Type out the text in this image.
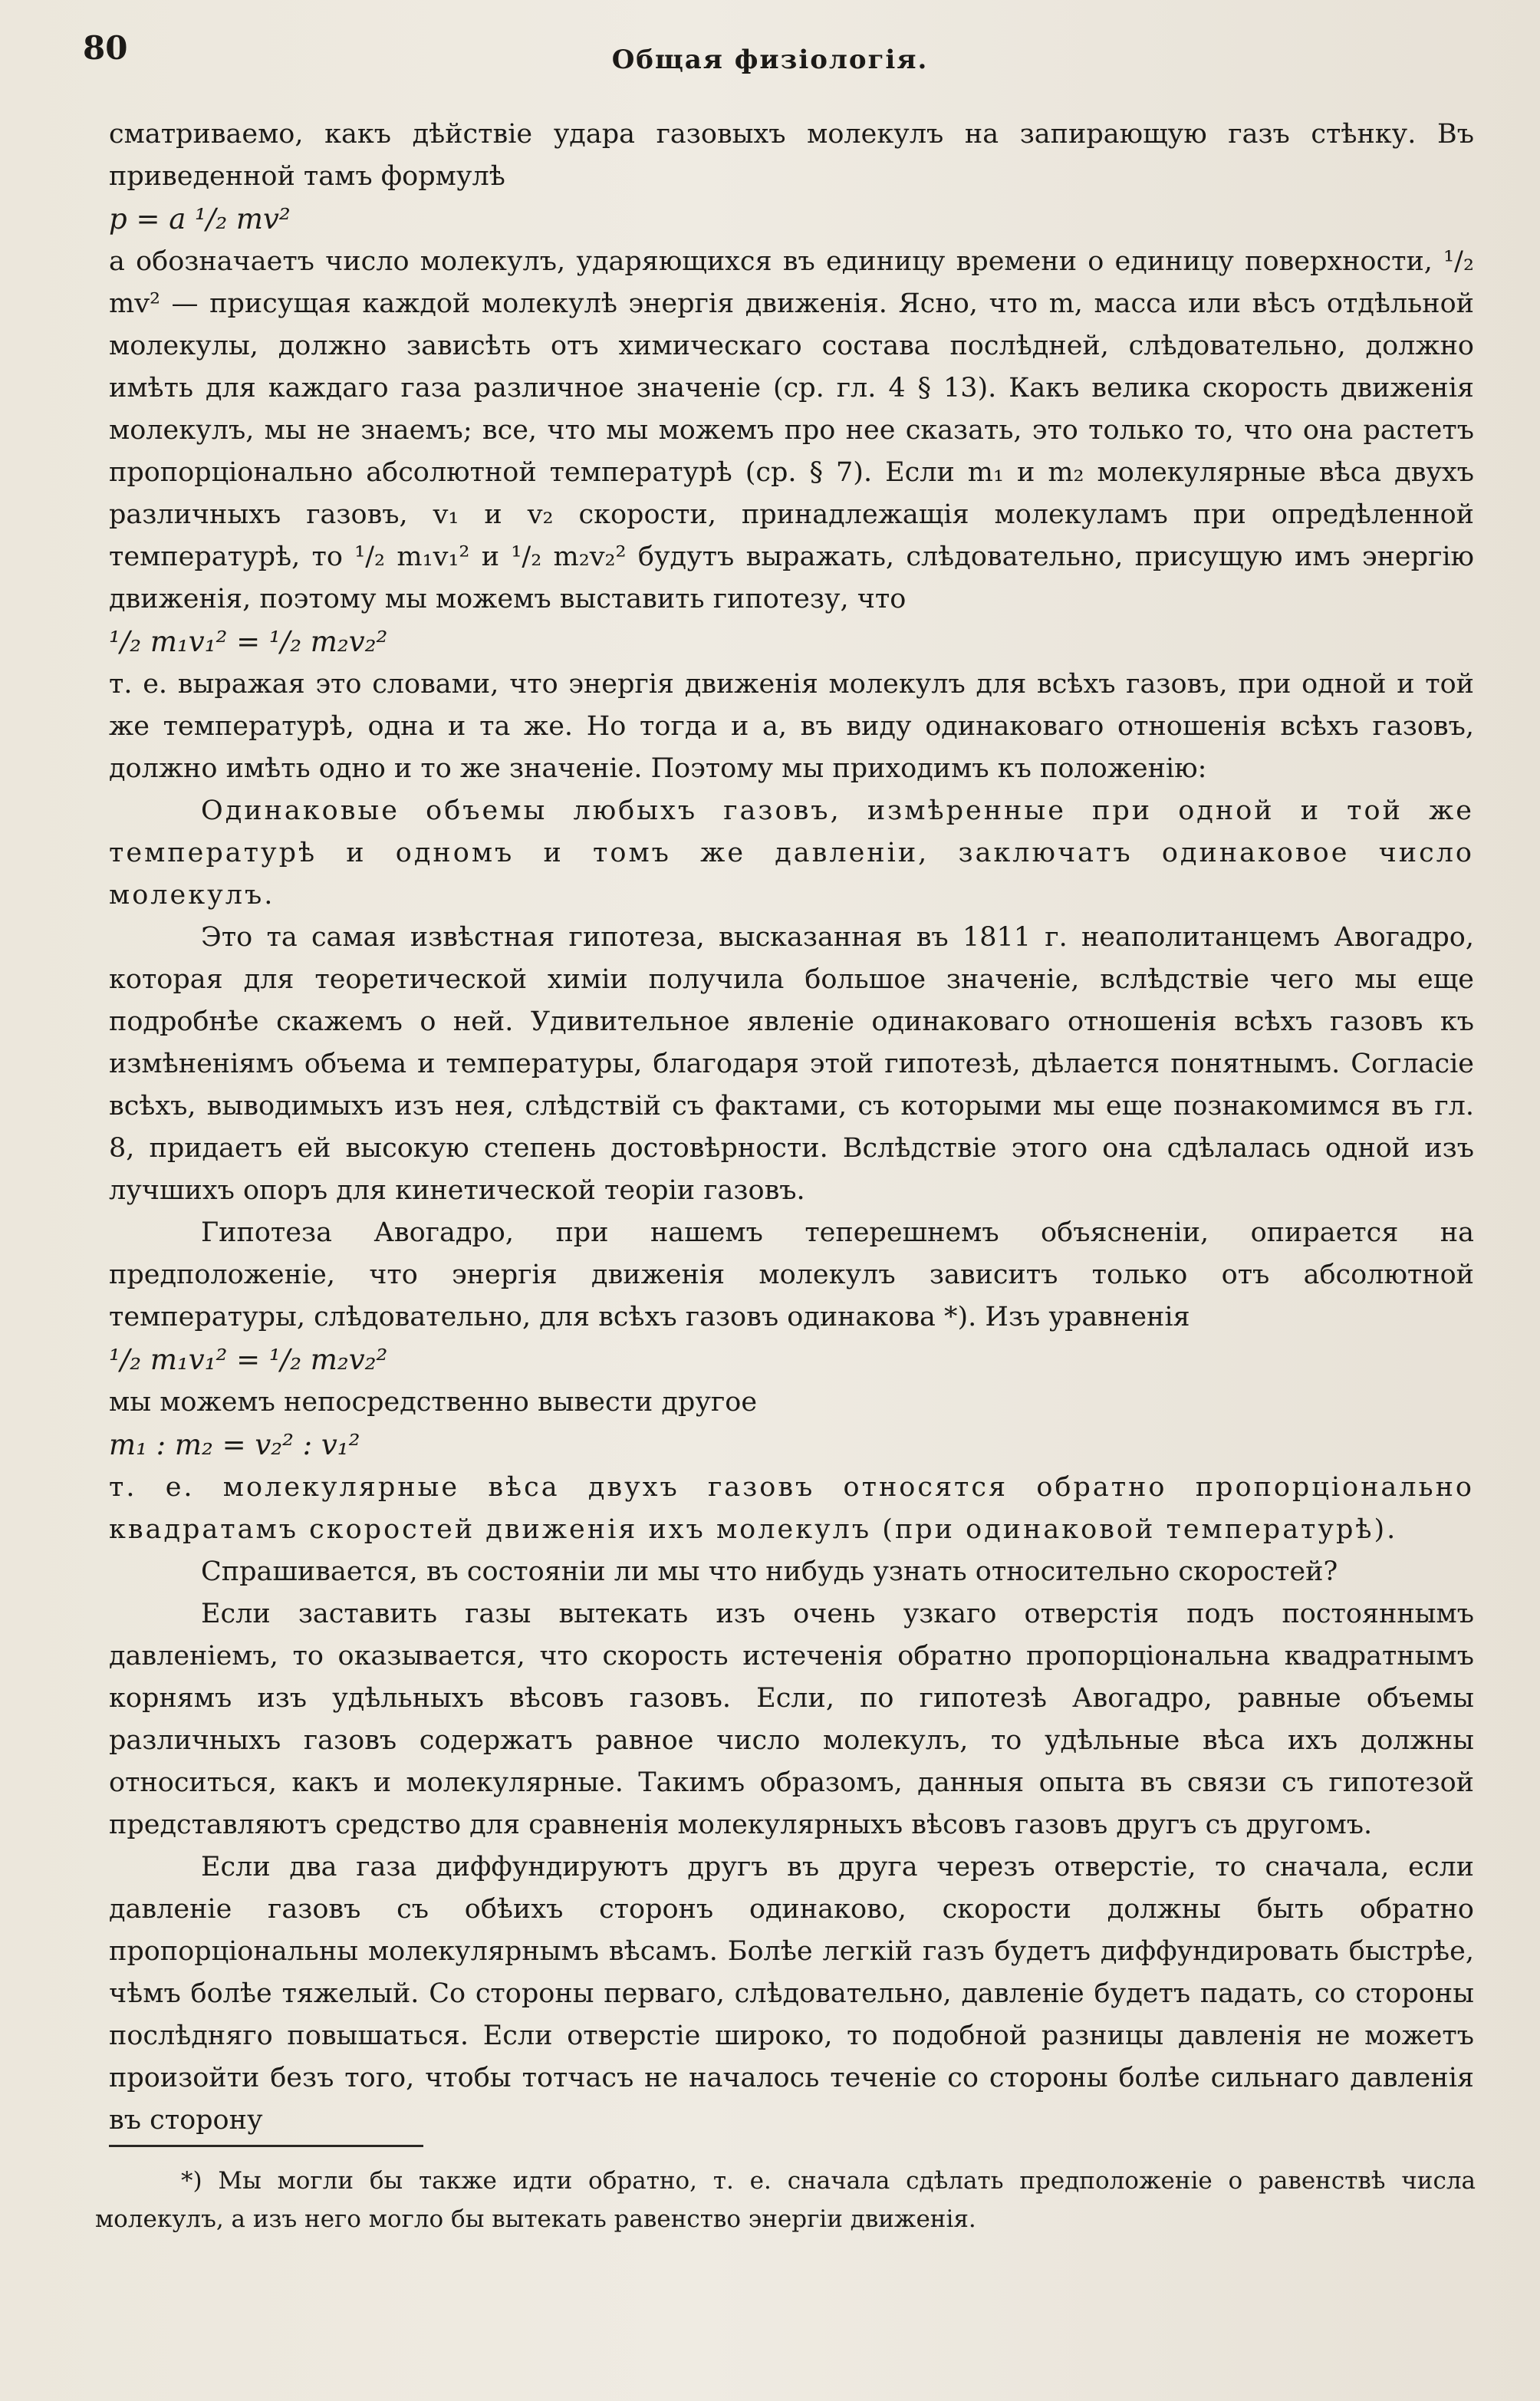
80	Общая физiологiя.

сматриваемо, какъ дѣйствiе удара газовыхъ молекулъ на запирающую газъ стѣнку. Въ приведенной тамъ формулѣ

p = a ¹/₂ mv²

a обозначаетъ число молекулъ, ударяющихся въ единицу времени о единицу поверхности, ¹/₂ mv² — присущая каждой молекулѣ энергiя движенiя. Ясно, что m, масса или вѣсъ отдѣльной молекулы, должно зависѣть отъ химическаго состава послѣдней, слѣдовательно, должно имѣть для каждаго газа различное значенiе (ср. гл. 4 § 13). Какъ велика скорость движенiя молекулъ, мы не знаемъ; все, что мы можемъ про нее сказать, это только то, что она растетъ пропорцiонально абсолютной температурѣ (ср. § 7). Если m₁ и m₂ молекулярные вѣса двухъ различныхъ газовъ, v₁ и v₂ скорости, принадлежащiя молекуламъ при опредѣленной температурѣ, то ¹/₂ m₁v₁² и ¹/₂ m₂v₂² будутъ выражать, слѣдовательно, присущую имъ энергiю движенiя, поэтому мы можемъ выставить гипотезу, что

¹/₂ m₁v₁² = ¹/₂ m₂v₂²

т. е. выражая это словами, что энергiя движенiя молекулъ для всѣхъ газовъ, при одной и той же температурѣ, одна и та же. Но тогда и a, въ виду одинаковаго отношенiя всѣхъ газовъ, должно имѣть одно и то же значенiе. Поэтому мы приходимъ къ положенiю:

Одинаковые объемы любыхъ газовъ, измѣренные при одной и той же температурѣ и одномъ и томъ же давленiи, заключатъ одинаковое число молекулъ.

Это та самая извѣстная гипотеза, высказанная въ 1811 г. неаполитанцемъ Авогадро, которая для теоретической химiи получила большое значенiе, вслѣдствiе чего мы еще подробнѣе скажемъ о ней. Удивительное явленiе одинаковаго отношенiя всѣхъ газовъ къ измѣненiямъ объема и температуры, благодаря этой гипотезѣ, дѣлается понятнымъ. Согласiе всѣхъ, выводимыхъ изъ нея, слѣдствiй съ фактами, съ которыми мы еще познакомимся въ гл. 8, придаетъ ей высокую степень достовѣрности. Вслѣдствiе этого она сдѣлалась одной изъ лучшихъ опоръ для кинетической теорiи газовъ.

Гипотеза Авогадро, при нашемъ теперешнемъ объясненiи, опирается на предположенiе, что энергiя движенiя молекулъ зависитъ только отъ абсолютной температуры, слѣдовательно, для всѣхъ газовъ одинакова *). Изъ уравненiя

¹/₂ m₁v₁² = ¹/₂ m₂v₂²

мы можемъ непосредственно вывести другое

m₁ : m₂ = v₂² : v₁²

т. е. молекулярные вѣса двухъ газовъ относятся обратно пропорцiонально квадратамъ скоростей движенiя ихъ молекулъ (при одинаковой температурѣ).

Спрашивается, въ состоянiи ли мы что нибудь узнать относительно скоростей?

Если заставить газы вытекать изъ очень узкаго отверстiя подъ постояннымъ давленiемъ, то оказывается, что скорость истеченiя обратно пропорцiональна квадратнымъ корнямъ изъ удѣльныхъ вѣсовъ газовъ. Если, по гипотезѣ Авогадро, равные объемы различныхъ газовъ содержатъ равное число молекулъ, то удѣльные вѣса ихъ должны относиться, какъ и молекулярные. Такимъ образомъ, данныя опыта въ связи съ гипотезой представляютъ средство для сравненiя молекулярныхъ вѣсовъ газовъ другъ съ другомъ.

Если два газа диффундируютъ другъ въ друга черезъ отверстiе, то сначала, если давленiе газовъ съ обѣихъ сторонъ одинаково, скорости должны быть обратно пропорцiональны молекулярнымъ вѣсамъ. Болѣе легкiй газъ будетъ диффундировать быстрѣе, чѣмъ болѣе тяжелый. Со стороны перваго, слѣдовательно, давленiе будетъ падать, со стороны послѣдняго повышаться. Если отверстiе широко, то подобной разницы давленiя не можетъ произойти безъ того, чтобы тотчасъ не началось теченiе со стороны болѣе сильнаго давленiя въ сторону

*) Мы могли бы также идти обратно, т. е. сначала сдѣлать предположенiе о равенствѣ числа молекулъ, а изъ него могло бы вытекать равенство энергiи движенiя.
